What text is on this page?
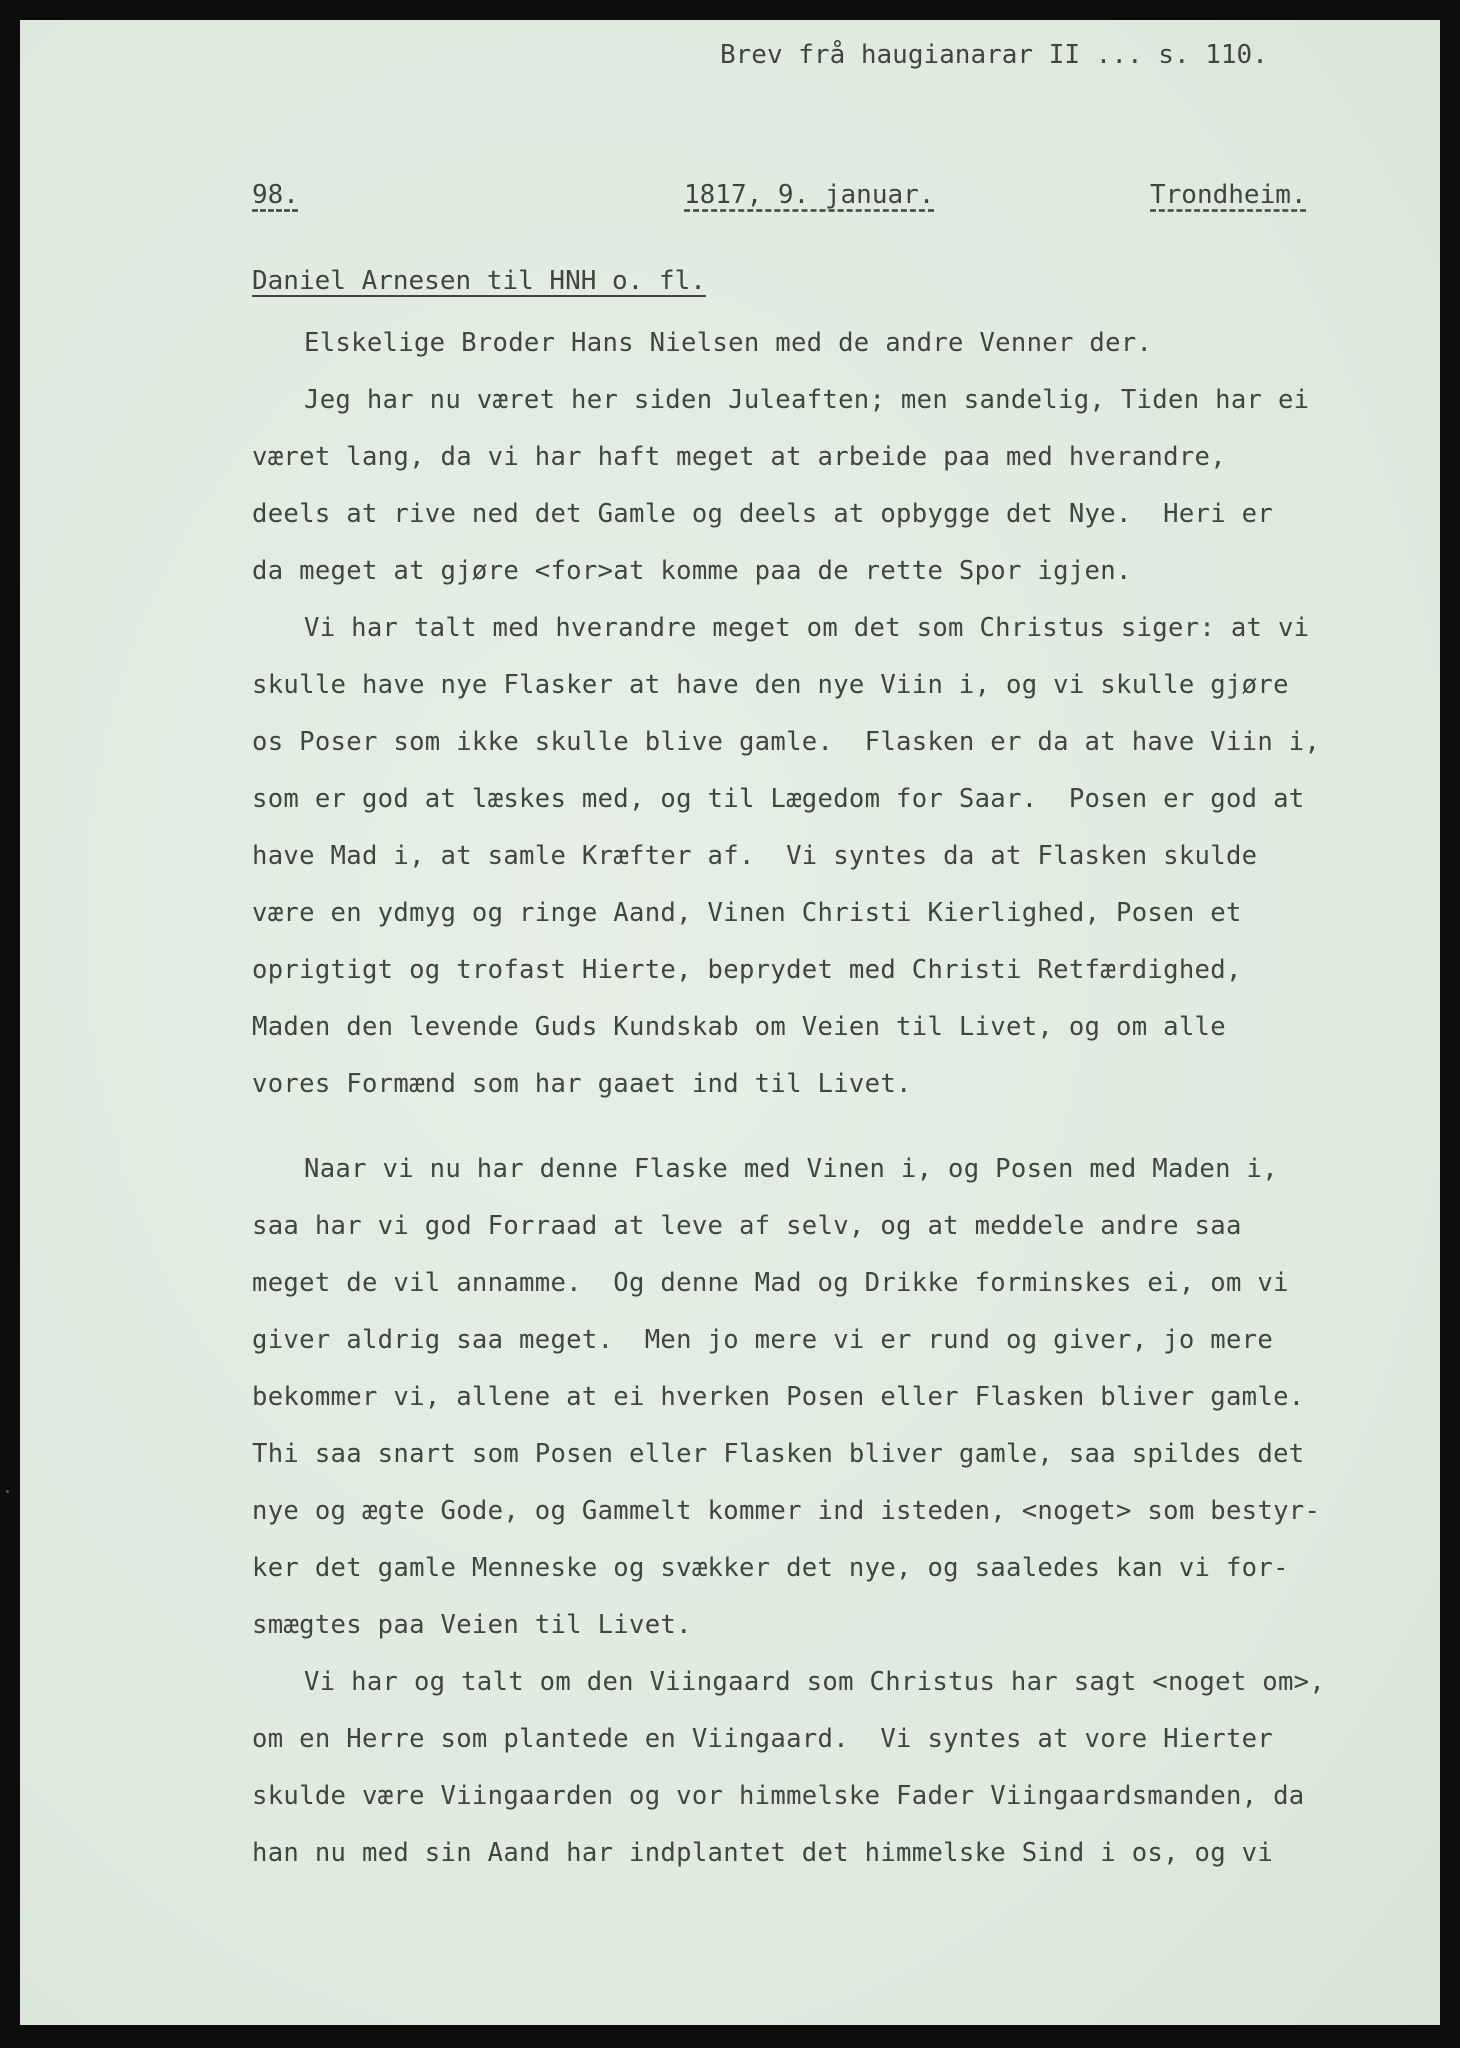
Brev frå haugianarar II ... s. 110.
98.	1817, 9. januar.	Trondheim.
Daniel Arnesen til HNH o. fl.
Elskelige Broder Hans Nielsen med de andre Venner der.
Jeg har nu været her siden Juleaften; men sandelig, Tiden har ei
været lang, da vi har haft meget at arbeide paa med hverandre,
deels at rive ned det Gamle og deels at opbygge det Nye.  Heri er
da meget at gjøre <for>at komme paa de rette Spor igjen.
Vi har talt med hverandre meget om det som Christus siger: at vi
skulle have nye Flasker at have den nye Viin i, og vi skulle gjøre
os Poser som ikke skulle blive gamle.  Flasken er da at have Viin i,
som er god at læskes med, og til Lægedom for Saar.  Posen er god at
have Mad i, at samle Kræfter af.  Vi syntes da at Flasken skulde
være en ydmyg og ringe Aand, Vinen Christi Kierlighed, Posen et
oprigtigt og trofast Hierte, beprydet med Christi Retfærdighed,
Maden den levende Guds Kundskab om Veien til Livet, og om alle
vores Formænd som har gaaet ind til Livet.
Naar vi nu har denne Flaske med Vinen i, og Posen med Maden i,
saa har vi god Forraad at leve af selv, og at meddele andre saa
meget de vil annamme.  Og denne Mad og Drikke forminskes ei, om vi
giver aldrig saa meget.  Men jo mere vi er rund og giver, jo mere
bekommer vi, allene at ei hverken Posen eller Flasken bliver gamle.
Thi saa snart som Posen eller Flasken bliver gamle, saa spildes det
nye og ægte Gode, og Gammelt kommer ind isteden, <noget> som bestyr-
ker det gamle Menneske og svækker det nye, og saaledes kan vi for-
smægtes paa Veien til Livet.
Vi har og talt om den Viingaard som Christus har sagt <noget om>,
om en Herre som plantede en Viingaard.  Vi syntes at vore Hierter
skulde være Viingaarden og vor himmelske Fader Viingaardsmanden, da
han nu med sin Aand har indplantet det himmelske Sind i os, og vi
